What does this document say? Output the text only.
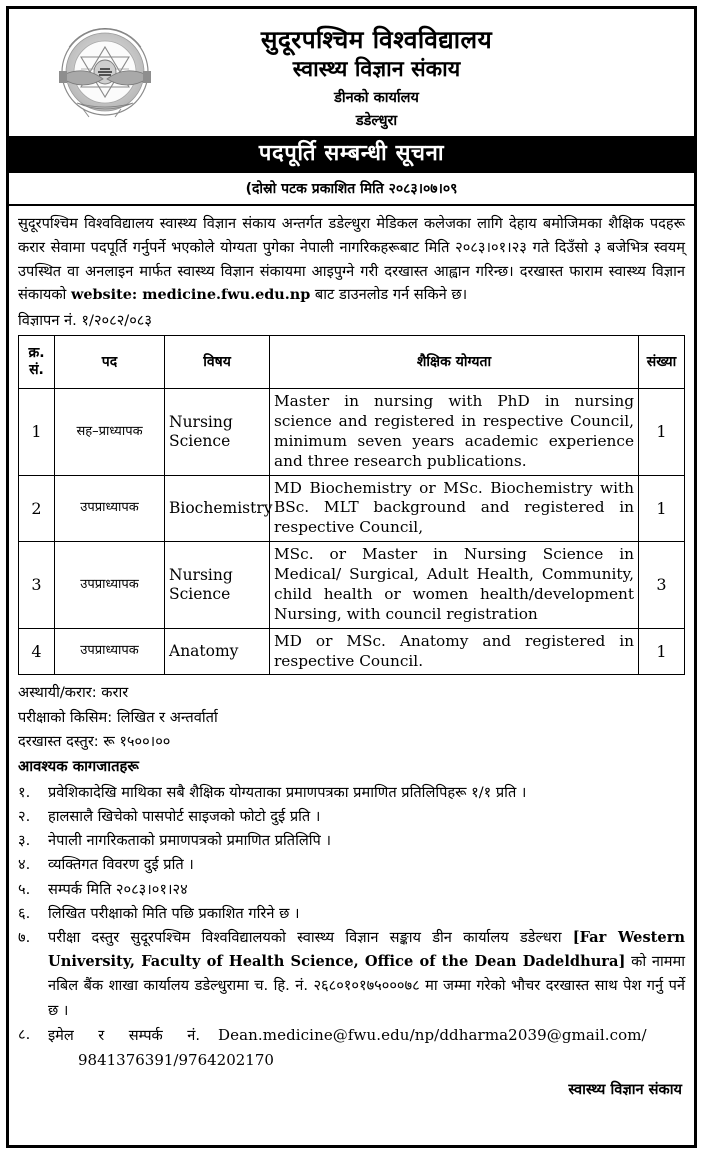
सुदूरपश्चिम विश्वविद्यालय
स्वास्थ्य विज्ञान संकाय
डीनको कार्यालय
डडेल्धुरा
पदपूर्ति सम्बन्धी सूचना
(दोस्रो पटक प्रकाशित मिति २०८३।०७।०९
सुदूरपश्चिम विश्वविद्यालय स्वास्थ्य विज्ञान संकाय अन्तर्गत डडेल्धुरा मेडिकल कलेजका लागि देहाय बमोजिमका शैक्षिक पदहरू करार सेवामा पदपूर्ति गर्नुपर्ने भएकोले योग्यता पुगेका नेपाली नागरिकहरूबाट मिति २०८३।०१।२३ गते दिउँसो ३ बजेभित्र स्वयम् उपस्थित वा अनलाइन मार्फत स्वास्थ्य विज्ञान संकायमा आइपुग्ने गरी दरखास्त आह्वान गरिन्छ। दरखास्त फाराम स्वास्थ्य विज्ञान संकायको website: medicine.fwu.edu.np बाट डाउनलोड गर्न सकिने छ।
विज्ञापन नं. १/२०८२/०८३
क्र.
सं.	पद	विषय	शैक्षिक योग्यता	संख्या
1	सह–प्राध्यापक	Nursing Science	Master in nursing with PhD in nursing science and registered in respective Council, minimum seven years academic experience and three research publications.	1
2	उपप्राध्यापक	Biochemistry	MD Biochemistry or MSc. Biochemistry with BSc. MLT background and registered in respective Council,	1
3	उपप्राध्यापक	Nursing Science	MSc. or Master in Nursing Science in Medical/ Surgical, Adult Health, Community, child health or women health/development Nursing, with council registration	3
4	उपप्राध्यापक	Anatomy	MD or MSc. Anatomy and registered in respective Council.	1
अस्थायी/करार: करार
परीक्षाको किसिम: लिखित र अन्तर्वार्ता
दरखास्त दस्तुर: रू १५००।००
आवश्यक कागजातहरू
१.	प्रवेशिकादेखि माथिका सबै शैक्षिक योग्यताका प्रमाणपत्रका प्रमाणित प्रतिलिपिहरू १/१ प्रति ।
२.	हालसालै खिचेको पासपोर्ट साइजको फोटो दुई प्रति ।
३.	नेपाली नागरिकताको प्रमाणपत्रको प्रमाणित प्रतिलिपि ।
४.	व्यक्तिगत विवरण दुई प्रति ।
५.	सम्पर्क मिति २०८३।०१।२४
६.	लिखित परीक्षाको मिति पछि प्रकाशित गरिने छ ।
७.	परीक्षा दस्तुर सुदूरपश्चिम विश्वविद्यालयको स्वास्थ्य विज्ञान सङ्काय डीन कार्यालय डडेल्धरा [Far Western University, Faculty of Health Science, Office of the Dean Dadeldhura] को नाममा नबिल बैंक शाखा कार्यालय डडेल्धुरामा च. हि. नं. २६८०१०१७५०००७८ मा जम्मा गरेको भौचर दरखास्त साथ पेश गर्नु पर्ने छ ।
८.	इमेल र सम्पर्क नं. Dean.medicine@fwu.edu/np/ddharma2039@gmail.com/
9841376391/9764202170
स्वास्थ्य विज्ञान संकाय
